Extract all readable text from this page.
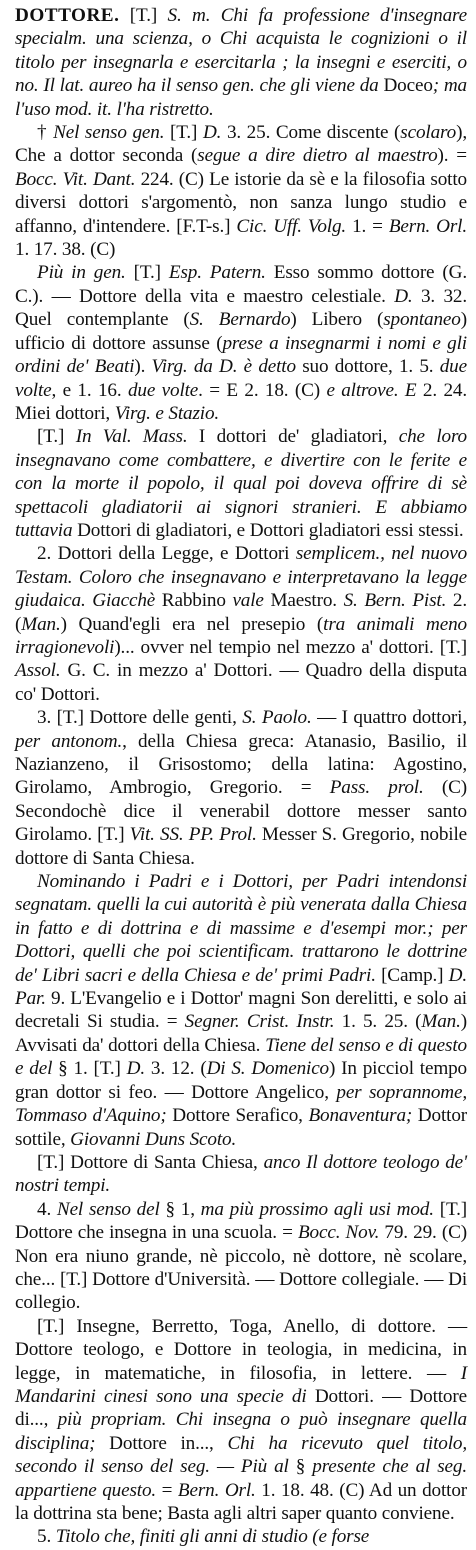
DOTTORE. [T.] S. m. Chi fa professione d'insegnare specialm. una scienza, o Chi acquista le cognizioni o il titolo per insegnarla e esercitarla ; la insegni e eserciti, o no. Il lat. aureo ha il senso gen. che gli viene da Doceo; ma l'uso mod. it. l'ha ristretto.

† Nel senso gen. [T.] D. 3. 25. Come discente (scolaro), Che a dottor seconda (segue a dire dietro al maestro). = Bocc. Vit. Dant. 224. (C) Le istorie da sè e la filosofia sotto diversi dottori s'argomentò, non sanza lungo studio e affanno, d'intendere. [F.T-s.] Cic. Uff. Volg. 1. = Bern. Orl. 1. 17. 38. (C)

Più in gen. [T.] Esp. Patern. Esso sommo dottore (G. C.). — Dottore della vita e maestro celestiale. D. 3. 32. Quel contemplante (S. Bernardo) Libero (spontaneo) ufficio di dottore assunse (prese a insegnarmi i nomi e gli ordini de' Beati). Virg. da D. è detto suo dottore, 1. 5. due volte, e 1. 16. due volte. = E 2. 18. (C) e altrove. E 2. 24. Miei dottori, Virg. e Stazio.

[T.] In Val. Mass. I dottori de' gladiatori, che loro insegnavano come combattere, e divertire con le ferite e con la morte il popolo, il qual poi doveva offrire di sè spettacoli gladiatorii ai signori stranieri. E abbiamo tuttavia Dottori di gladiatori, e Dottori gladiatori essi stessi.

2. Dottori della Legge, e Dottori semplicem., nel nuovo Testam. Coloro che insegnavano e interpretavano la legge giudaica. Giacchè Rabbino vale Maestro. S. Bern. Pist. 2. (Man.) Quand'egli era nel presepio (tra animali meno irragionevoli)... ovver nel tempio nel mezzo a' dottori. [T.] Assol. G. C. in mezzo a' Dottori. — Quadro della disputa co' Dottori.

3. [T.] Dottore delle genti, S. Paolo. — I quattro dottori, per antonom., della Chiesa greca: Atanasio, Basilio, il Nazianzeno, il Grisostomo; della latina: Agostino, Girolamo, Ambrogio, Gregorio. = Pass. prol. (C) Secondochè dice il venerabil dottore messer santo Girolamo. [T.] Vit. SS. PP. Prol. Messer S. Gregorio, nobile dottore di Santa Chiesa.

Nominando i Padri e i Dottori, per Padri intendonsi segnatam. quelli la cui autorità è più venerata dalla Chiesa in fatto e di dottrina e di massime e d'esempi mor.; per Dottori, quelli che poi scientificam. trattarono le dottrine de' Libri sacri e della Chiesa e de' primi Padri. [Camp.] D. Par. 9. L'Evangelio e i Dottor' magni Son derelitti, e solo ai decretali Si studia. = Segner. Crist. Instr. 1. 5. 25. (Man.) Avvisati da' dottori della Chiesa. Tiene del senso e di questo e del § 1. [T.] D. 3. 12. (Di S. Domenico) In picciol tempo gran dottor si feo. — Dottore Angelico, per soprannome, Tommaso d'Aquino; Dottore Serafico, Bonaventura; Dottor sottile, Giovanni Duns Scoto.

[T.] Dottore di Santa Chiesa, anco Il dottore teologo de' nostri tempi.

4. Nel senso del § 1, ma più prossimo agli usi mod. [T.] Dottore che insegna in una scuola. = Bocc. Nov. 79. 29. (C) Non era niuno grande, nè piccolo, nè dottore, nè scolare, che... [T.] Dottore d'Università. — Dottore collegiale. — Di collegio.

[T.] Insegne, Berretto, Toga, Anello, di dottore. — Dottore teologo, e Dottore in teologia, in medicina, in legge, in matematiche, in filosofia, in lettere. — I Mandarini cinesi sono una specie di Dottori. — Dottore di..., più propriam. Chi insegna o può insegnare quella disciplina; Dottore in..., Chi ha ricevuto quel titolo, secondo il senso del seg. — Più al § presente che al seg. appartiene questo. = Bern. Orl. 1. 18. 48. (C) Ad un dottor la dottrina sta bene; Basta agli altri saper quanto conviene.

5. Titolo che, finiti gli anni di studio (e forse
